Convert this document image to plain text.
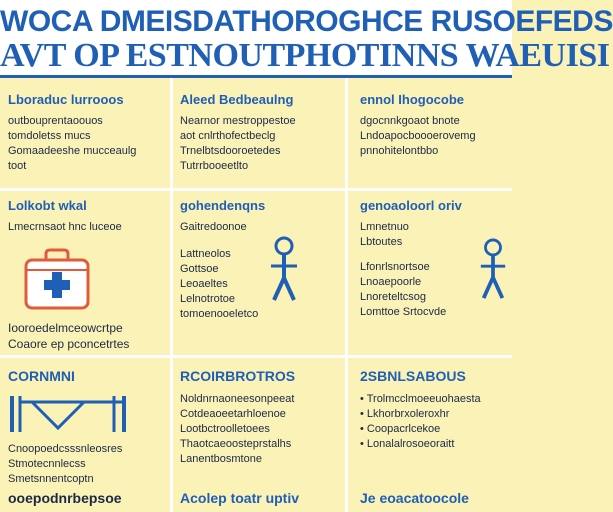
WOCA DMEISDATHOROGHCE RUSOEFEDS
AVT OP ESTNOUTPHOTINNS WAEUISI
Lboraduc lurrooos
outbouprentaoouos
tomdoletss mucs
Gomaadeeshe mucceaulg
toot
Aleed Bedbeaulng
Nearnor mestroppestoe
aot cnlrthofectbeclg
Trnelbtsdooroetedes
Tutrrbooeetlto
ennol Ihogocobe
dgocnnkgoaot bnote
Lndoapocboooerovemg
pnnohitelontbbo
Lolkobt wkal
Lmecrnsaot hnc luceoe
Iooroedelmceowcrtpe
Coaore ep pconcetrtes
gohendenqns
Gaitredoonoe
Lattneolos
Gottsoe
Leoaeltes
Lelnotrotoe
tomoenooeletco
genoaoloorl oriv
Lmnetnuo
Lbtoutes
Lfonrlsnortsoe
Lnoaepoorle
Lnoreteltcsog
Lomttoe Srtocvde
CORNMNI
Cnoopoedcsssnleosres
Stmotecnnlecss
Smetsnnentcoptn
ooepodnrbepsoe
RCOIRBROTROS
Noldnrnaoneesonpeeat
Cotdeaoeetarhloenoe
Lootbctroolletoees
Thaotcaeoosteprstalhs
Lanentbosmtone
Acolep toatr uptiv
2SBNLSABOUS
• Trolmcclmoeeuohaesta
• Lkhorbrxoleroxhr
• Coopacrlcekoe
• Lonalalrosoeoraitt
Je eoacatoocole
